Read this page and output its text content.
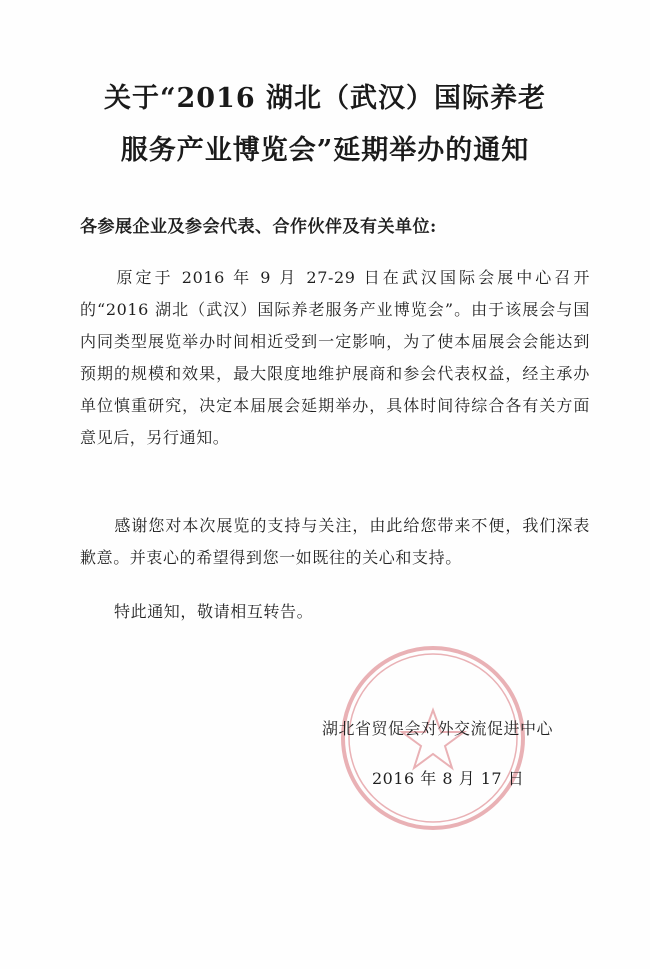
关于“2016 湖北（武汉）国际养老
服务产业博览会”延期举办的通知
各参展企业及参会代表、合作伙伴及有关单位:
原定于 2016 年 9 月 27-29 日在武汉国际会展中心召开的“2016 湖北（武汉）国际养老服务产业博览会”。由于该展会与国内同类型展览举办时间相近受到一定影响，为了使本届展会会能达到预期的规模和效果，最大限度地维护展商和参会代表权益，经主承办单位慎重研究，决定本届展会延期举办，具体时间待综合各有关方面意见后，另行通知。
感谢您对本次展览的支持与关注，由此给您带来不便，我们深表歉意。并衷心的希望得到您一如既往的关心和支持。
特此通知，敬请相互转告。
湖北省贸促会对外交流促进中心
2016 年 8 月 17 日
